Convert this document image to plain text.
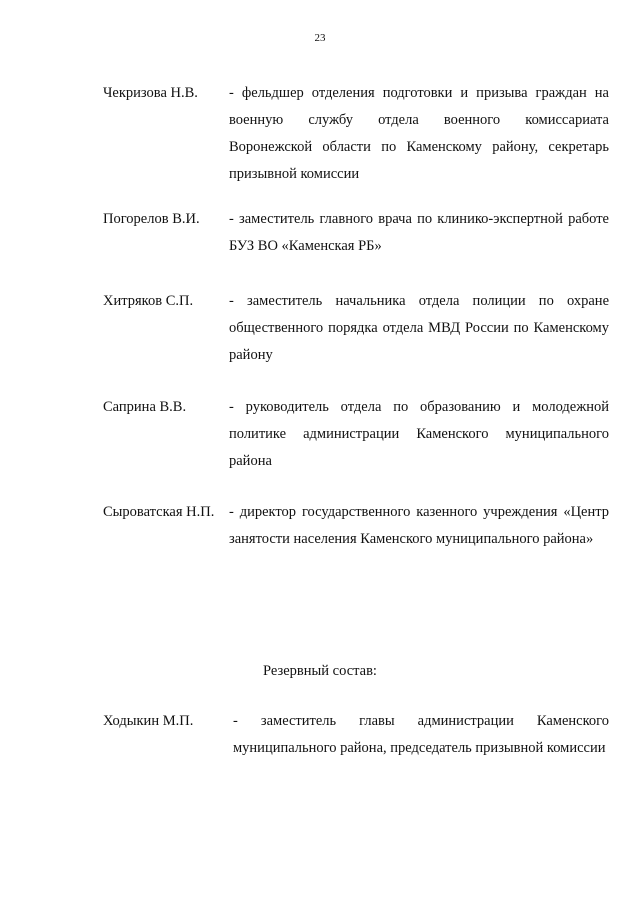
23
Чекризова Н.В.	- фельдшер отделения подготовки и призыва граждан на военную службу отдела военного комиссариата Воронежской области по Каменскому району, секретарь призывной комиссии
Погорелов В.И.	- заместитель главного врача по клинико-экспертной работе БУЗ ВО «Каменская РБ»
Хитряков С.П.	- заместитель начальника отдела полиции по охране общественного порядка отдела МВД России по Каменскому району
Саприна В.В.	- руководитель отдела по образованию и молодежной политике администрации Каменского муниципального района
Сыроватская Н.П. - директор государственного казенного учреждения «Центр занятости населения Каменского муниципального района»
Резервный состав:
Ходыкин М.П.	- заместитель главы администрации Каменского муниципального района, председатель призывной комиссии
